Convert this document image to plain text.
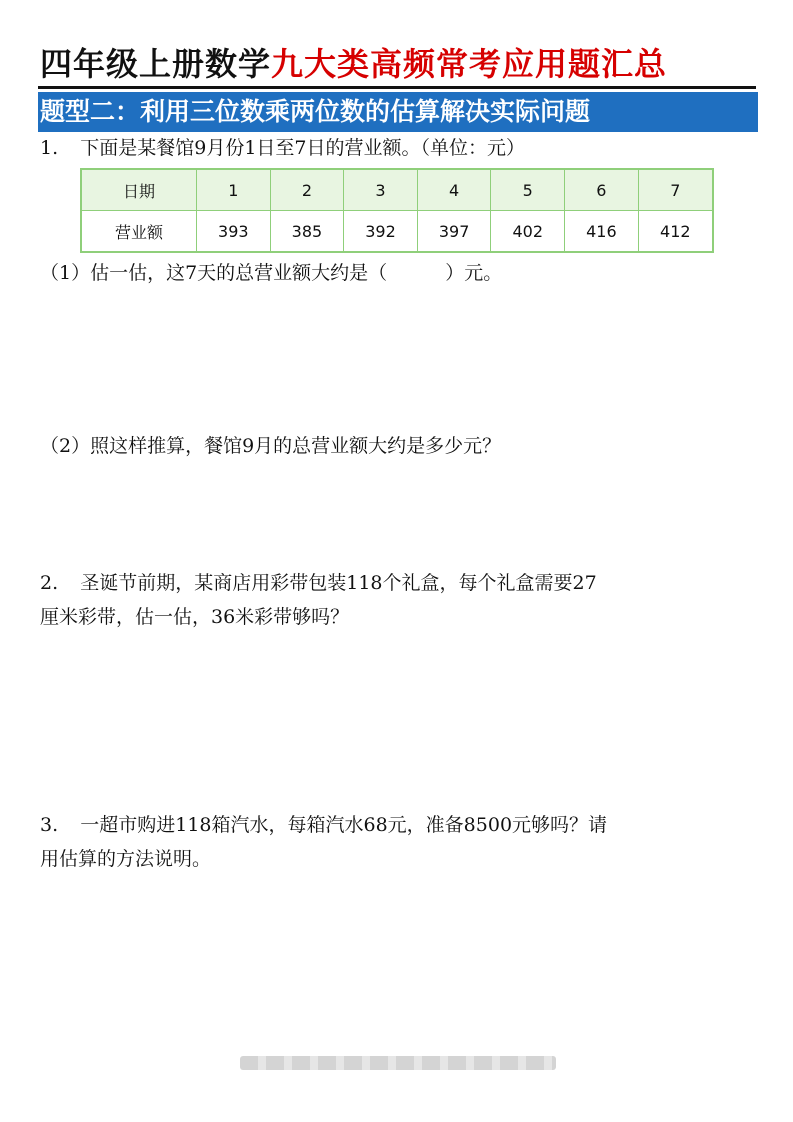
四年级上册数学九大类高频常考应用题汇总
题型二：利用三位数乘两位数的估算解决实际问题
1. 下面是某餐馆9月份1日至7日的营业额。（单位：元）
日期	1	2	3	4	5	6	7
营业额	393	385	392	397	402	416	412
（1）估一估，这7天的总营业额大约是（	）元。
（2）照这样推算，餐馆9月的总营业额大约是多少元？
2. 圣诞节前期，某商店用彩带包装118个礼盒，每个礼盒需要27
厘米彩带，估一估，36米彩带够吗？
3. 一超市购进118箱汽水，每箱汽水68元，准备8500元够吗？请
用估算的方法说明。
